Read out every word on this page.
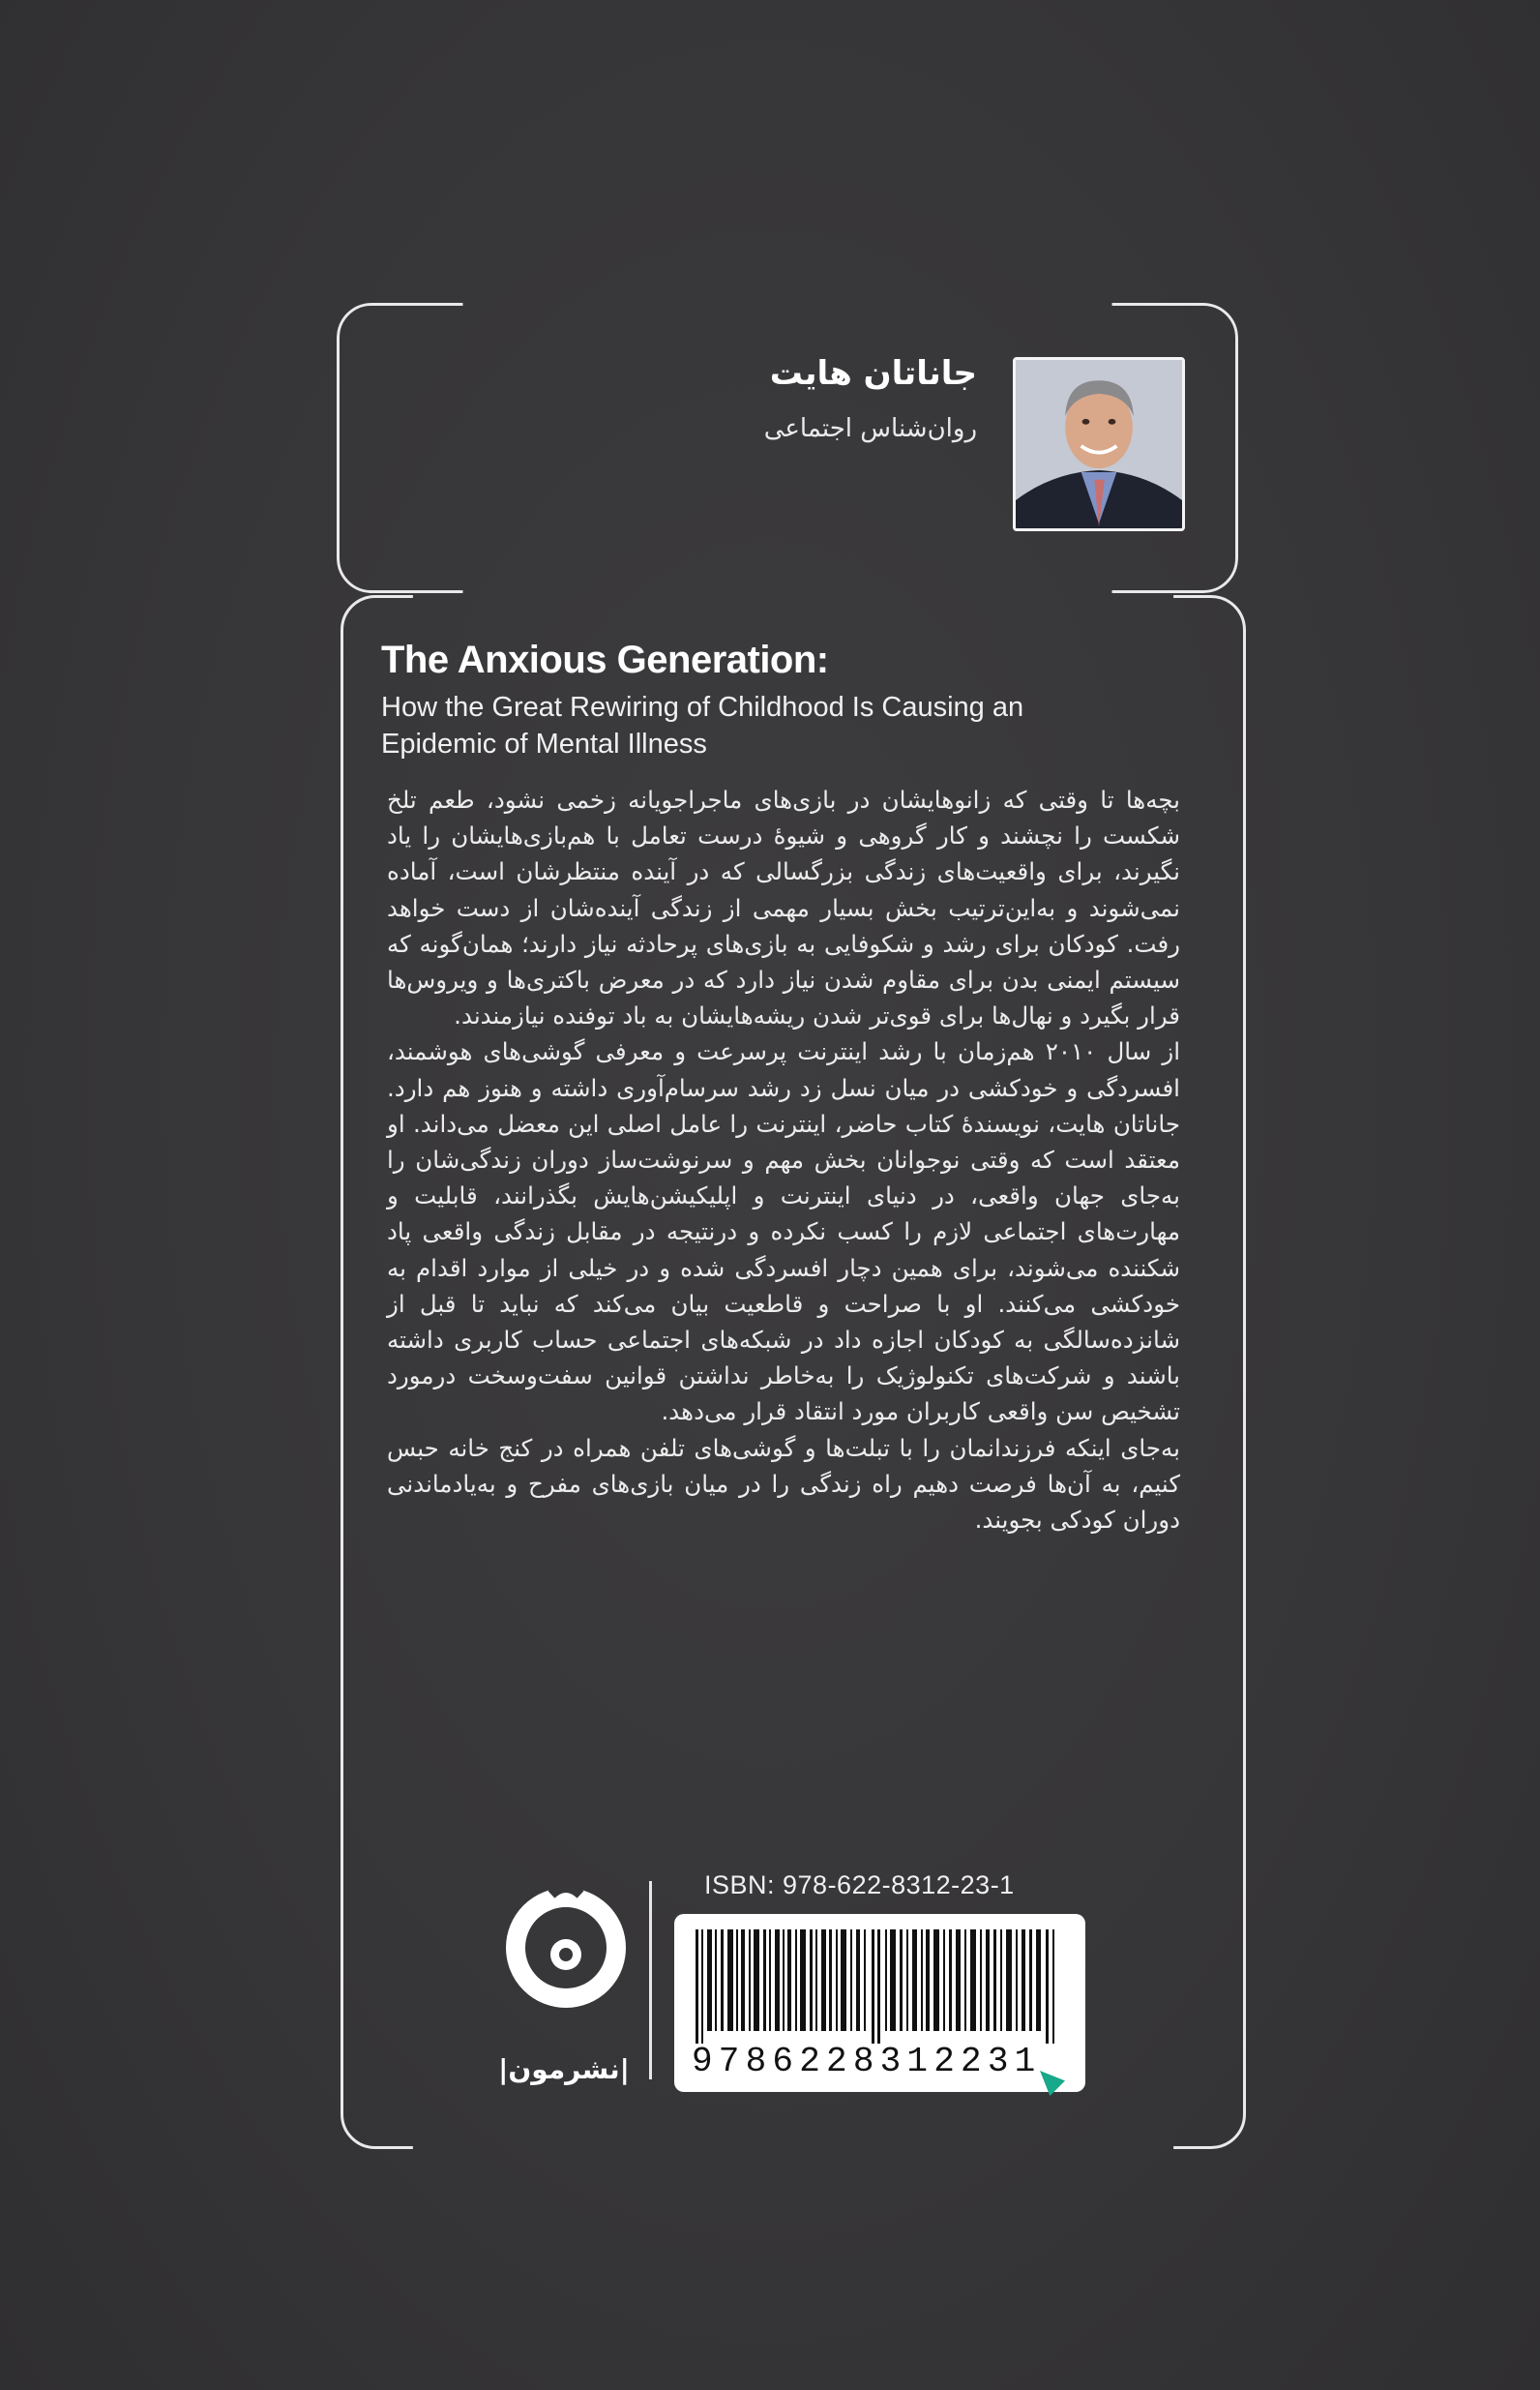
جاناتان هایت
روان‌شناس اجتماعی
The Anxious Generation:
How the Great Rewiring of Childhood Is Causing an
Epidemic of Mental Illness

بچه‌ها تا وقتی که زانوهایشان در بازی‌های ماجراجویانه زخمی نشود، طعم تلخ شکست را نچشند و کار گروهی و شیوهٔ درست تعامل با هم‌بازی‌هایشان را یاد نگیرند، برای واقعیت‌های زندگی بزرگسالی که در آینده منتظرشان است، آماده نمی‌شوند و به‌این‌ترتیب بخش بسیار مهمی از زندگی آینده‌شان از دست خواهد رفت. کودکان برای رشد و شکوفایی به بازی‌های پرحادثه نیاز دارند؛ همان‌گونه که سیستم ایمنی بدن برای مقاوم شدن نیاز دارد که در معرض باکتری‌ها و ویروس‌ها قرار بگیرد و نهال‌ها برای قوی‌تر شدن ریشه‌هایشان به باد توفنده نیازمندند.

از سال ۲۰۱۰ هم‌زمان با رشد اینترنت پرسرعت و معرفی گوشی‌های هوشمند، افسردگی و خودکشی در میان نسل زد رشد سرسام‌آوری داشته و هنوز هم دارد. جاناتان هایت، نویسندهٔ کتاب حاضر، اینترنت را عامل اصلی این معضل می‌داند. او معتقد است که وقتی نوجوانان بخش مهم و سرنوشت‌ساز دوران زندگی‌شان را به‌جای جهان واقعی، در دنیای اینترنت و اپلیکیشن‌هایش بگذرانند، قابلیت و مهارت‌های اجتماعی لازم را کسب نکرده و درنتیجه در مقابل زندگی واقعی پاد شکننده می‌شوند، برای همین دچار افسردگی شده و در خیلی از موارد اقدام به خودکشی می‌کنند. او با صراحت و قاطعیت بیان می‌کند که نباید تا قبل از شانزده‌سالگی به کودکان اجازه داد در شبکه‌های اجتماعی حساب کاربری داشته باشند و شرکت‌های تکنولوژیک را به‌خاطر نداشتن قوانین سفت‌وسخت درمورد تشخیص سن واقعی کاربران مورد انتقاد قرار می‌دهد.

به‌جای اینکه فرزندانمان را با تبلت‌ها و گوشی‌های تلفن همراه در کنج خانه حبس کنیم، به آن‌ها فرصت دهیم راه زندگی را در میان بازی‌های مفرح و به‌یادماندنی دوران کودکی بجویند.

ISBN: 978-622-8312-23-1
9786228312231
|نشرمون|
